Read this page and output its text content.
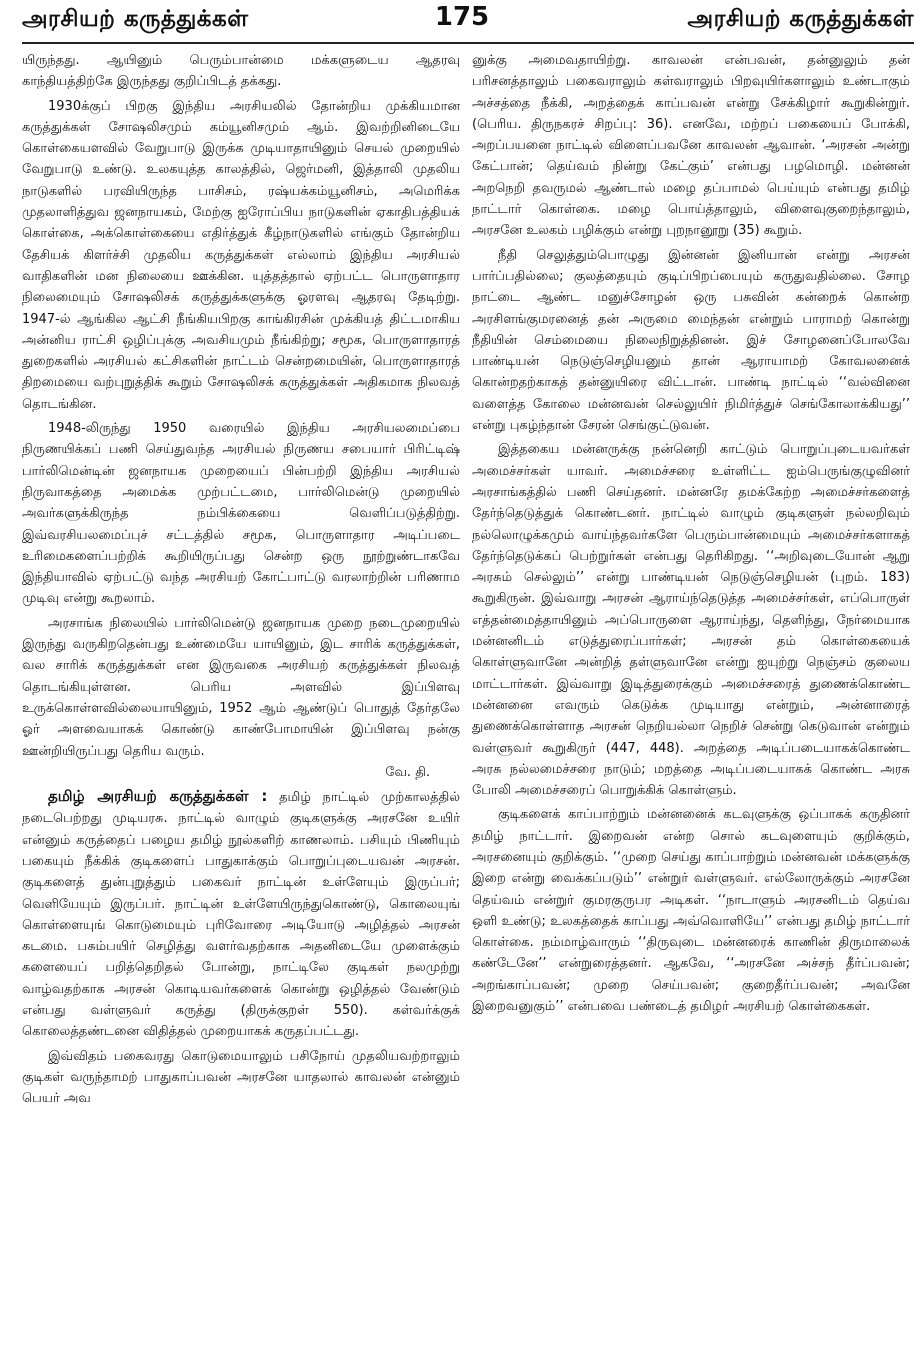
அரசியற் கருத்துக்கள்	175	அரசியற் கருத்துக்கள்

யிருந்தது. ஆயினும் பெரும்பான்மை மக்களுடைய ஆதரவு காந்தியத்திற்கே இருந்தது குறிப்பிடத் தக்கது.

1930க்குப் பிறகு இந்திய அரசியலில் தோன்றிய முக்கியமான கருத்துக்கள் சோஷலிசமும் கம்யூனிசமும் ஆம். இவற்றினிடையே கொள்கையளவில் வேறுபாடு இருக்க முடியாதாயினும் செயல் முறையில் வேறுபாடு உண்டு. உலகயுத்த காலத்தில், ஜெர்மனி, இத்தாலி முதலிய நாடுகளில் பரவியிருந்த பாசிசம், ரஷ்யக்கம்யூனிசம், அமெரிக்க முதலாளித்துவ ஜனநாயகம், மேற்கு ஐரோப்பிய நாடுகளின் ஏகாதிபத்தியக் கொள்கை, அக்கொள்கையை எதிர்த்துக் கீழ்நாடுகளில் எங்கும் தோன்றிய தேசியக் கிளர்ச்சி முதலிய கருத்துக்கள் எல்லாம் இந்திய அரசியல் வாதிகளின் மன நிலையை ஊக்கின. யுத்தத்தால் ஏற்பட்ட பொருளாதார நிலைமையும் சோஷலிசக் கருத்துக்களுக்கு ஓரளவு ஆதரவு தேடிற்று. 1947-ல் ஆங்கில ஆட்சி நீங்கியபிறகு காங்கிரசின் முக்கியத் திட்டமாகிய அன்னிய ராட்சி ஒழிப்புக்கு அவசியமும் நீங்கிற்று; சமூக, பொருளாதாரத் துறைகளில் அரசியல் கட்சிகளின் நாட்டம் சென்றமையின், பொருளாதாரத் திறமையை வற்புறுத்திக் கூறும் சோஷலிசக் கருத்துக்கள் அதிகமாக நிலவத் தொடங்கின.

1948-லிருந்து 1950 வரையில் இந்திய அரசியலமைப்பை நிருணயிக்கப் பணி செய்துவந்த அரசியல் நிருணய சபையார் பிரிட்டிஷ் பார்லிமென்டின் ஜனநாயக முறையைப் பின்பற்றி இந்திய அரசியல் நிருவாகத்தை அமைக்க முற்பட்டமை, பார்லிமென்டு முறையில் அவர்களுக்கிருந்த நம்பிக்கையை வெளிப்படுத்திற்று. இவ்வரசியலமைப்புச் சட்டத்தில் சமூக, பொருளாதார அடிப்படை உரிமைகளைப்பற்றிக் கூறியிருப்பது சென்ற ஒரு நூற்றுண்டாகவே இந்தியாவில் ஏற்பட்டு வந்த அரசியற் கோட்பாட்டு வரலாற்றின் பரிணாம முடிவு என்று கூறலாம்.

அரசாங்க நிலையில் பார்லிமென்டு ஜனநாயக முறை நடைமுறையில் இருந்து வருகிறதென்பது உண்மையே யாயினும், இட சாரிக் கருத்துக்கள், வல சாரிக் கருத்துக்கள் என இருவகை அரசியற் கருத்துக்கள் நிலவத் தொடங்கியுள்ளன. பெரிய அளவில் இப்பிளவு உருக்கொள்ளவில்லையாயினும், 1952 ஆம் ஆண்டுப் பொதுத் தேர்தலே ஓர் அளவையாகக் கொண்டு காண்போமாயின் இப்பிளவு நன்கு ஊன்றியிருப்பது தெரிய வரும்.
வே. தி.

தமிழ் அரசியற் கருத்துக்கள் : தமிழ் நாட்டில் முற்காலத்தில் நடைபெற்றது முடியரசு. நாட்டில் வாழும் குடிகளுக்கு அரசனே உயிர் என்னும் கருத்தைப் பழைய தமிழ் நூல்களிற் காணலாம். பசியும் பிணியும் பகையும் நீக்கிக் குடிகளைப் பாதுகாக்கும் பொறுப்புடையவன் அரசன். குடிகளைத் துன்புறுத்தும் பகைவர் நாட்டின் உள்ளேயும் இருப்பர்; வெளியேயும் இருப்பர். நாட்டின் உள்ளேயிருந்துகொண்டு, கொலையுங் கொள்ளையுங் கொடுமையும் புரிவோரை அடியோடு அழித்தல் அரசன் கடமை. பசும்பயிர் செழித்து வளர்வதற்காக அதனிடையே முளைக்கும் களையைப் பறித்தெறிதல் போன்று, நாட்டிலே குடிகள் நலமுற்று வாழ்வதற்காக அரசன் கொடியவர்களைக் கொன்று ஒழித்தல் வேண்டும் என்பது வள்ளுவர் கருத்து (திருக்குறள் 550). கள்வர்க்குக் கொலைத்தண்டனை விதித்தல் முறையாகக் கருதப்பட்டது.

இவ்விதம் பகைவரது கொடுமையாலும் பசிநோய் முதலியவற்றாலும் குடிகள் வருந்தாமற் பாதுகாப்பவன் அரசனே யாதலால் காவலன் என்னும் பெயர் அவ

னுக்கு அமைவதாயிற்று. காவலன் என்பவன், தன்னுலும் தன் பரிசனத்தாலும் பகைவராலும் கள்வராலும் பிறவுயிர்களாலும் உண்டாகும் அச்சத்தை நீக்கி, அறத்தைக் காப்பவன் என்று சேக்கிழார் கூறுகின்றுர். (பெரிய. திருநகரச் சிறப்பு: 36). எனவே, மற்றப் பகையைப் போக்கி, அறப்பயனை நாட்டில் விளைப்பவனே காவலன் ஆவான். ‘அரசன் அன்று கேட்பான்; தெய்வம் நின்று கேட்கும்’ என்பது பழமொழி. மன்னன் அறநெறி தவருமல் ஆண்டால் மழை தப்பாமல் பெய்யும் என்பது தமிழ் நாட்டார் கொள்கை. மழை பொய்த்தாலும், விளைவுகுறைந்தாலும், அரசனே உலகம் பழிக்கும் என்று புறநானூறு (35) கூறும்.

நீதி செலுத்தும்பொழுது இன்னன் இனியான் என்று அரசன் பார்ப்பதில்லை; குலத்தையும் குடிப்பிறப்பையும் கருதுவதில்லை. சோழ நாட்டை ஆண்ட மனுச்சோழன் ஒரு பசுவின் கன்றைக் கொன்ற அரசிளங்குமரனைத் தன் அருமை மைந்தன் என்றும் பாராமற் கொன்று நீதியின் செம்மையை நிலைநிறுத்தினன். இச் சோழனைப்போலவே பாண்டியன் நெடுஞ்செழியனும் தான் ஆராயாமற் கோவலனைக் கொன்றதற்காகத் தன்னுயிரை விட்டான். பாண்டி நாட்டில் ‘‘வல்வினை வளைத்த கோலை மன்னவன் செல்லுயிர் நிமிர்த்துச் செங்கோலாக்கியது’’ என்று புகழ்ந்தான் சேரன் செங்குட்டுவன்.

இத்தகைய மன்னருக்கு நன்னெறி காட்டும் பொறுப்புடையவர்கள் அமைச்சர்கள் யாவர். அமைச்சரை உள்ளிட்ட ஐம்பெருங்குழுவினர் அரசாங்கத்தில் பணி செய்தனர். மன்னரே தமக்கேற்ற அமைச்சர்களைத் தேர்ந்தெடுத்துக் கொண்டனர். நாட்டில் வாழும் குடிகளுள் நல்லறிவும் நல்லொழுக்கமும் வாய்ந்தவர்களே பெரும்பான்மையும் அமைச்சர்களாகத் தேர்ந்தெடுக்கப் பெற்றுர்கள் என்பது தெரிகிறது. ‘‘அறிவுடையோன் ஆறு அரசும் செல்லும்’’ என்று பாண்டியன் நெடுஞ்செழியன் (புறம். 183) கூறுகிருன். இவ்வாறு அரசன் ஆராய்ந்தெடுத்த அமைச்சர்கள், எப்பொருள் எத்தன்மைத்தாயினும் அப்பொருளை ஆராய்ந்து, தெளிந்து, நேர்மையாக மன்னனிடம் எடுத்துரைப்பார்கள்; அரசன் தம் கொள்கையைக் கொள்ளுவானே அன்றித் தள்ளுவானே என்று ஐயுற்று நெஞ்சம் குலைய மாட்டார்கள். இவ்வாறு இடித்துரைக்கும் அமைச்சரைத் துணைக்கொண்ட மன்னனை எவரும் கெடுக்க முடியாது என்றும், அன்னாரைத் துணைக்கொள்ளாத அரசன் நெறியல்லா நெறிச் சென்று கெடுவான் என்றும் வள்ளுவர் கூறுகிருர் (447, 448). அறத்தை அடிப்படையாகக்கொண்ட அரசு நல்லமைச்சரை நாடும்; மறத்தை அடிப்படையாகக் கொண்ட அரசு போலி அமைச்சரைப் பொறுக்கிக் கொள்ளும்.

குடிகளைக் காப்பாற்றும் மன்னனைக் கடவுளுக்கு ஒப்பாகக் கருதினர் தமிழ் நாட்டார். இறைவன் என்ற சொல் கடவுளையும் குறிக்கும், அரசனையும் குறிக்கும். ‘‘முறை செய்து காப்பாற்றும் மன்னவன் மக்களுக்கு இறை என்று வைக்கப்படும்’’ என்றுர் வள்ளுவர். எல்லோருக்கும் அரசனே தெய்வம் என்றுர் குமரகுருபர அடிகள். ‘‘நாடாளும் அரசனிடம் தெய்வ ஒளி உண்டு; உலகத்தைக் காப்பது அவ்வொளியே’’ என்பது தமிழ் நாட்டார் கொள்கை. நம்மாழ்வாரும் ‘‘திருவுடை மன்னரைக் காணின் திருமாலைக் கண்டேனே’’ என்றுரைத்தனர். ஆகவே, ‘‘அரசனே அச்சந் தீர்ப்பவன்; அறங்காப்பவன்; முறை செய்பவன்; குறைதீர்ப்பவன்; அவனே இறைவனுகும்’’ என்பவை பண்டைத் தமிழர் அரசியற் கொள்கைகள்.
